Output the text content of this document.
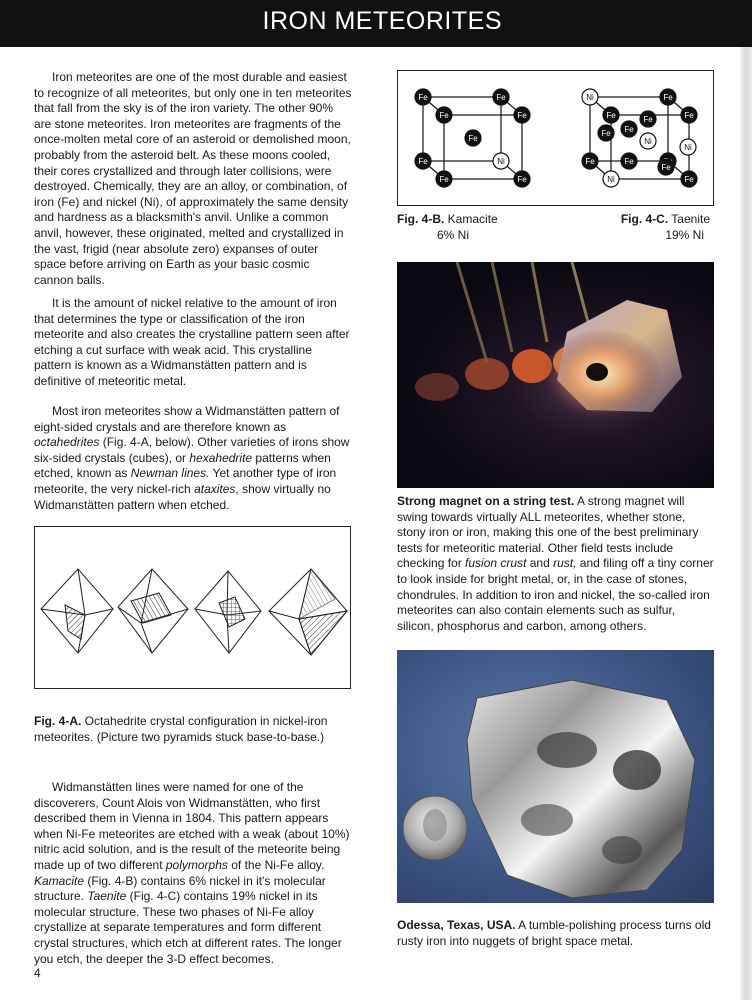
IRON METEORITES

Iron meteorites are one of the most durable and easiest to recognize of all meteorites, but only one in ten meteorites that fall from the sky is of the iron variety. The other 90% are stone meteorites. Iron meteorites are fragments of the once-molten metal core of an asteroid or demolished moon, probably from the asteroid belt. As these moons cooled, their cores crystallized and through later collisions, were destroyed. Chemically, they are an alloy, or combination, of iron (Fe) and nickel (Ni), of approximately the same density and hardness as a blacksmith's anvil. Unlike a common anvil, however, these originated, melted and crystallized in the vast, frigid (near absolute zero) expanses of outer space before arriving on Earth as your basic cosmic cannon balls.

It is the amount of nickel relative to the amount of iron that determines the type or classification of the iron meteorite and also creates the crystalline pattern seen after etching a cut surface with weak acid. This crystalline pattern is known as a Widmanstätten pattern and is definitive of meteoritic metal.

Most iron meteorites show a Widmanstätten pattern of eight-sided crystals and are therefore known as octahedrites (Fig. 4-A, below). Other varieties of irons show six-sided crystals (cubes), or hexahedrite patterns when etched, known as Newman lines. Yet another type of iron meteorite, the very nickel-rich ataxites, show virtually no Widmanstätten pattern when etched.

Fig. 4-A. Octahedrite crystal configuration in nickel-iron meteorites. (Picture two pyramids stuck base-to-base.)

Widmanstätten lines were named for one of the discoverers, Count Alois von Widmanstätten, who first described them in Vienna in 1804. This pattern appears when Ni-Fe meteorites are etched with a weak (about 10%) nitric acid solution, and is the result of the meteorite being made up of two different polymorphs of the Ni-Fe alloy. Kamacite (Fig. 4-B) contains 6% nickel in it's molecular structure. Taenite (Fig. 4-C) contains 19% nickel in its molecular structure. These two phases of Ni-Fe alloy crystallize at separate temperatures and form different crystal structures, which etch at different rates. The longer you etch, the deeper the 3-D effect becomes.

4
Fe	Fe
Fe	Ni
Fe	Fe
Fe	Fe
Fe
Ni	Fe
Fe
Fe	Fe
Ni	Fe
Fe
Fe
Fe
Ni
Fe
Fe
Ni
Fig. 4-B. Kamacite
6% Ni
Fig. 4-C. Taenite
19% Ni
Strong magnet on a string test. A strong magnet will swing towards virtually ALL meteorites, whether stone, stony iron or iron, making this one of the best preliminary tests for meteoritic material. Other field tests include checking for fusion crust and rust, and filing off a tiny corner to look inside for bright metal, or, in the case of stones, chondrules. In addition to iron and nickel, the so-called iron meteorites can also contain elements such as sulfur, silicon, phosphorus and carbon, among others.
Odessa, Texas, USA. A tumble-polishing process turns old rusty iron into nuggets of bright space metal.
